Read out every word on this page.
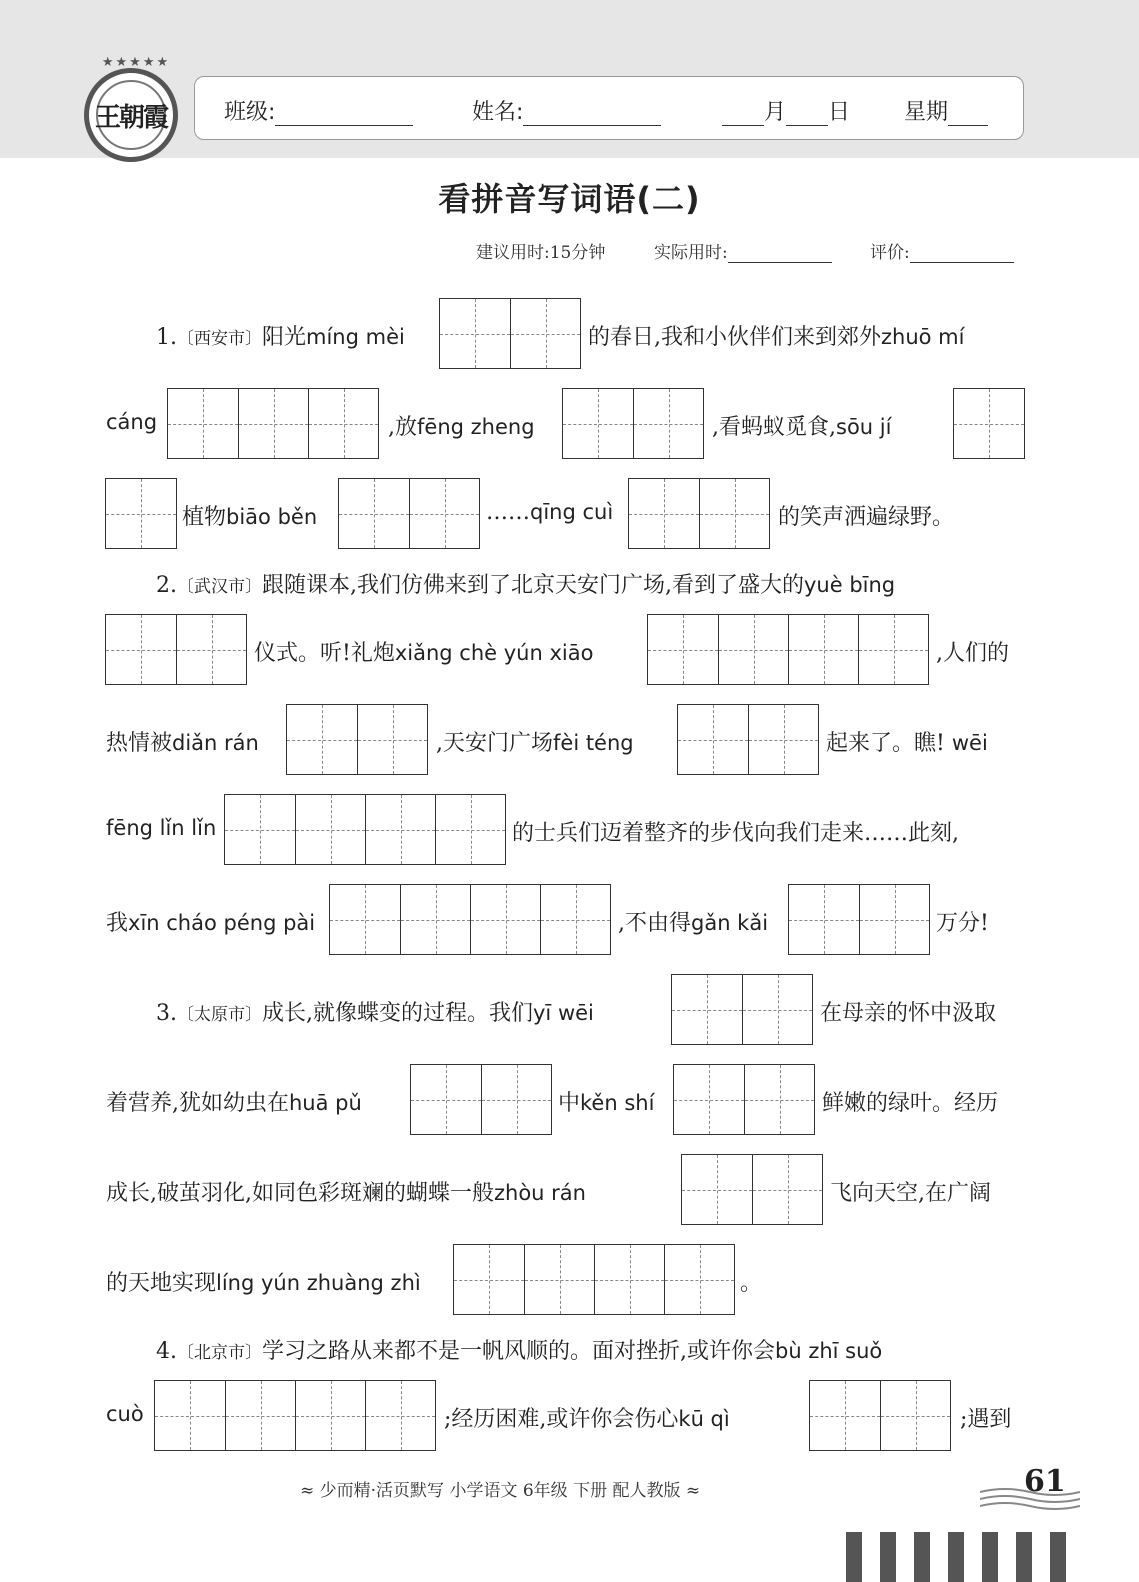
★★★★★
王朝霞	班级:	姓名:	月 日 星期
看拼音写词语(二)
建议用时:15分钟	实际用时:	评价:
1.〔西安市〕阳光míng mèi	的春日,我和小伙伴们来到郊外zhuō mí
cáng	,放fēng zheng	,看蚂蚁觅食,sōu jí
植物biāo běn	……qīng cuì	的笑声洒遍绿野。
2.〔武汉市〕跟随课本,我们仿佛来到了北京天安门广场,看到了盛大的yuè bīng
仪式。听!礼炮xiǎng chè yún xiāo	,人们的
热情被diǎn rán	,天安门广场fèi téng	起来了。瞧! wēi
fēng lǐn lǐn	的士兵们迈着整齐的步伐向我们走来……此刻,
我xīn cháo péng pài	,不由得gǎn kǎi	万分!
3.〔太原市〕成长,就像蝶变的过程。我们yī wēi	在母亲的怀中汲取
着营养,犹如幼虫在huā pǔ	中kěn shí	鲜嫩的绿叶。经历
成长,破茧羽化,如同色彩斑斓的蝴蝶一般zhòu rán	飞向天空,在广阔
的天地实现líng yún zhuàng zhì	。
4.〔北京市〕学习之路从来都不是一帆风顺的。面对挫折,或许你会bù zhī suǒ
cuò	;经历困难,或许你会伤心kū qì	;遇到
≈ 少而精·活页默写 小学语文 6年级 下册 配人教版 ≈	61
